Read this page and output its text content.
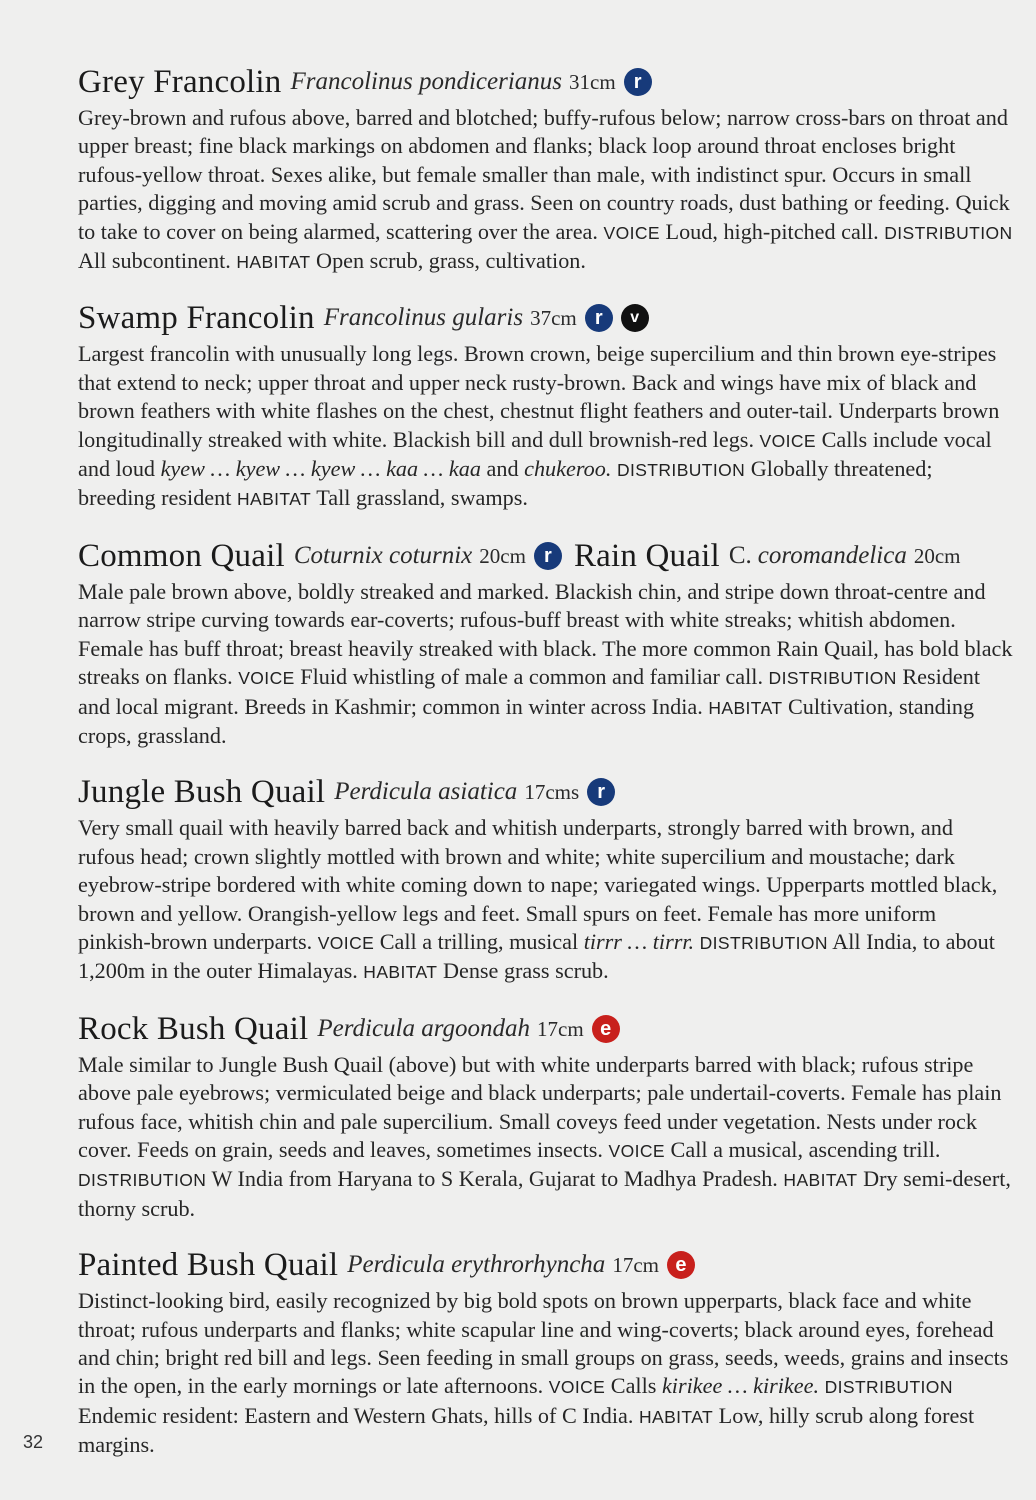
Grey Francolin Francolinus pondicerianus 31cm r

Grey-brown and rufous above, barred and blotched; buffy-rufous below; narrow cross-bars on throat and upper breast; fine black markings on abdomen and flanks; black loop around throat encloses bright rufous-yellow throat. Sexes alike, but female smaller than male, with indistinct spur. Occurs in small parties, digging and moving amid scrub and grass. Seen on country roads, dust bathing or feeding. Quick to take to cover on being alarmed, scattering over the area. VOICE Loud, high-pitched call. DISTRIBUTION All subcontinent. HABITAT Open scrub, grass, cultivation.

Swamp Francolin Francolinus gularis 37cm r	v

Largest francolin with unusually long legs. Brown crown, beige supercilium and thin brown eye-stripes that extend to neck; upper throat and upper neck rusty-brown. Back and wings have mix of black and brown feathers with white flashes on the chest, chestnut flight feathers and outer-tail. Underparts brown longitudinally streaked with white. Blackish bill and dull brownish-red legs. VOICE Calls include vocal and loud kyew … kyew … kyew … kaa … kaa and chukeroo. DISTRIBUTION Globally threatened; breeding resident HABITAT Tall grassland, swamps.

Common Quail Coturnix coturnix 20cm r Rain Quail C. coromandelica 20cm

Male pale brown above, boldly streaked and marked. Blackish chin, and stripe down throat-centre and narrow stripe curving towards ear-coverts; rufous-buff breast with white streaks; whitish abdomen. Female has buff throat; breast heavily streaked with black. The more common Rain Quail, has bold black streaks on flanks. VOICE Fluid whistling of male a common and familiar call. DISTRIBUTION Resident and local migrant. Breeds in Kashmir; common in winter across India. HABITAT Cultivation, standing crops, grassland.

Jungle Bush Quail Perdicula asiatica 17cms r

Very small quail with heavily barred back and whitish underparts, strongly barred with brown, and rufous head; crown slightly mottled with brown and white; white supercilium and moustache; dark eyebrow-stripe bordered with white coming down to nape; variegated wings. Upperparts mottled black, brown and yellow. Orangish-yellow legs and feet. Small spurs on feet. Female has more uniform pinkish-brown underparts. VOICE Call a trilling, musical tirrr … tirrr. DISTRIBUTION All India, to about 1,200m in the outer Himalayas. HABITAT Dense grass scrub.

Rock Bush Quail Perdicula argoondah 17cm e

Male similar to Jungle Bush Quail (above) but with white underparts barred with black; rufous stripe above pale eyebrows; vermiculated beige and black underparts; pale undertail-coverts. Female has plain rufous face, whitish chin and pale supercilium. Small coveys feed under vegetation. Nests under rock cover. Feeds on grain, seeds and leaves, sometimes insects. VOICE Call a musical, ascending trill. DISTRIBUTION W India from Haryana to S Kerala, Gujarat to Madhya Pradesh. HABITAT Dry semi-desert, thorny scrub.

Painted Bush Quail Perdicula erythrorhyncha 17cm e

Distinct-looking bird, easily recognized by big bold spots on brown upperparts, black face and white throat; rufous underparts and flanks; white scapular line and wing-coverts; black around eyes, forehead and chin; bright red bill and legs. Seen feeding in small groups on grass, seeds, weeds, grains and insects in the open, in the early mornings or late afternoons. VOICE Calls kirikee … kirikee. DISTRIBUTION Endemic resident: Eastern and Western Ghats, hills of C India. HABITAT Low, hilly scrub along forest margins.

32
